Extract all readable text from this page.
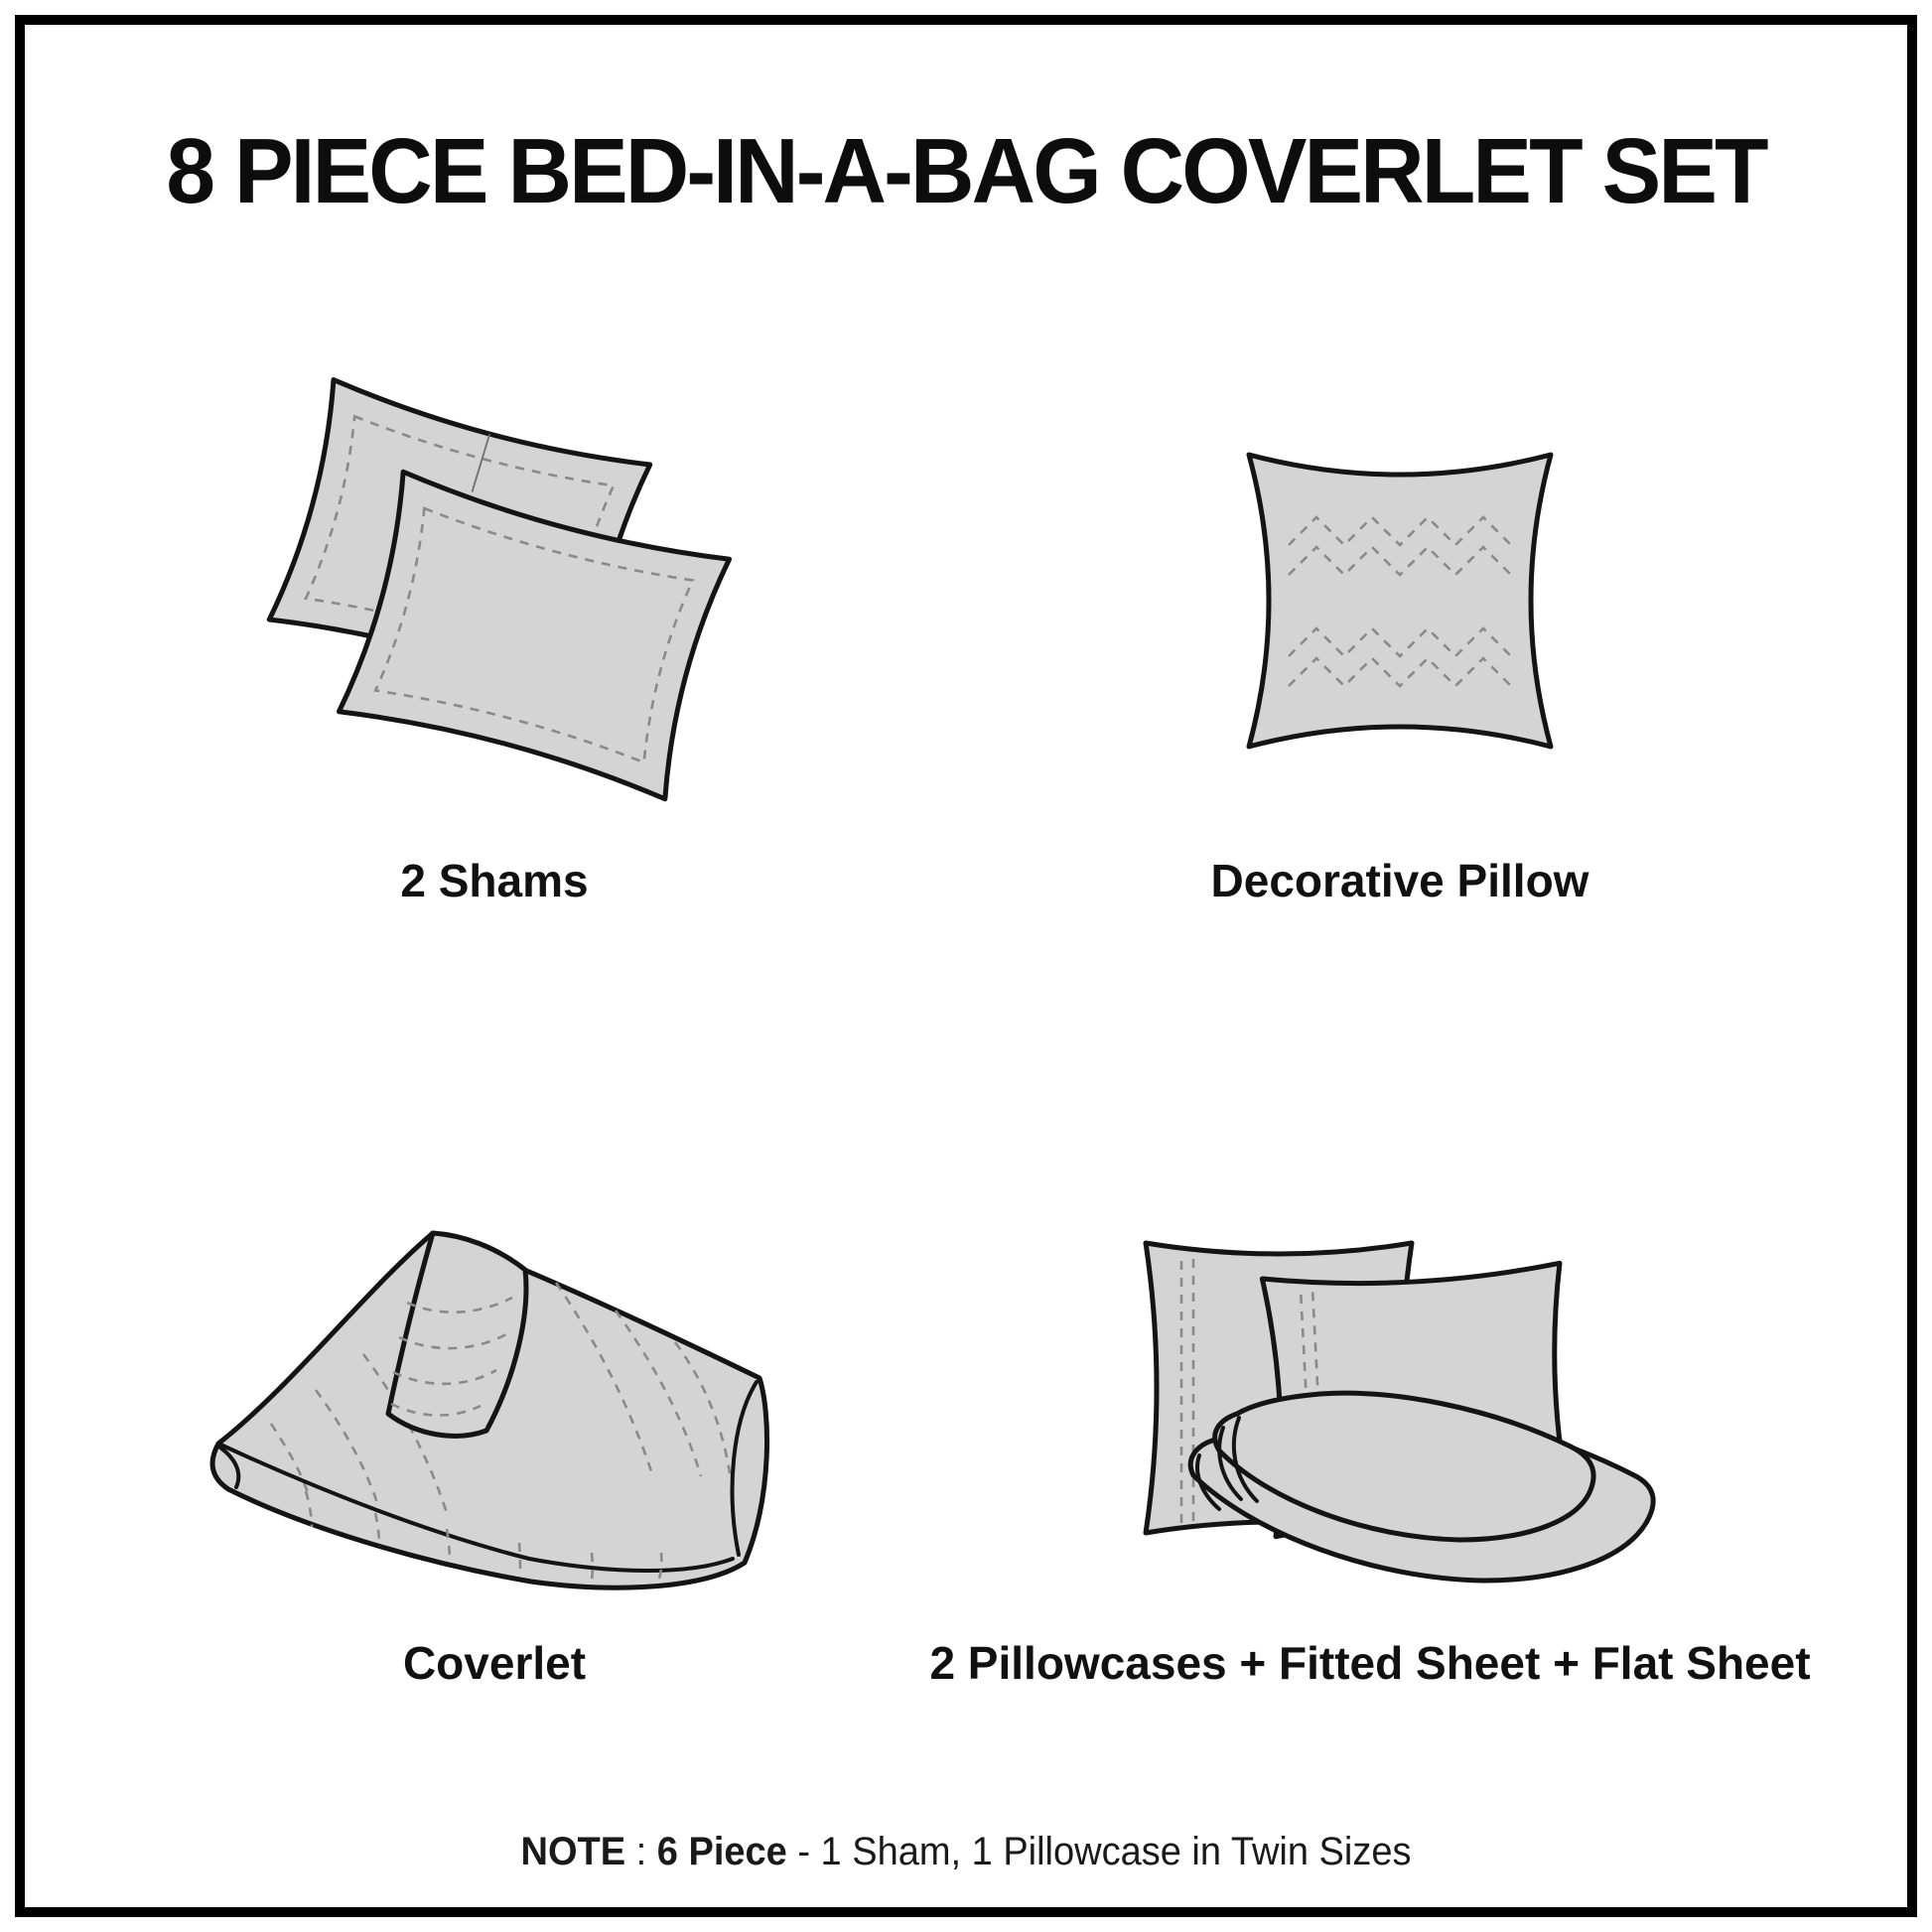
8 PIECE BED-IN-A-BAG COVERLET SET
2 Shams	Decorative Pillow
Coverlet	2 Pillowcases + Fitted Sheet + Flat Sheet
NOTE : 6 Piece - 1 Sham, 1 Pillowcase in Twin Sizes
